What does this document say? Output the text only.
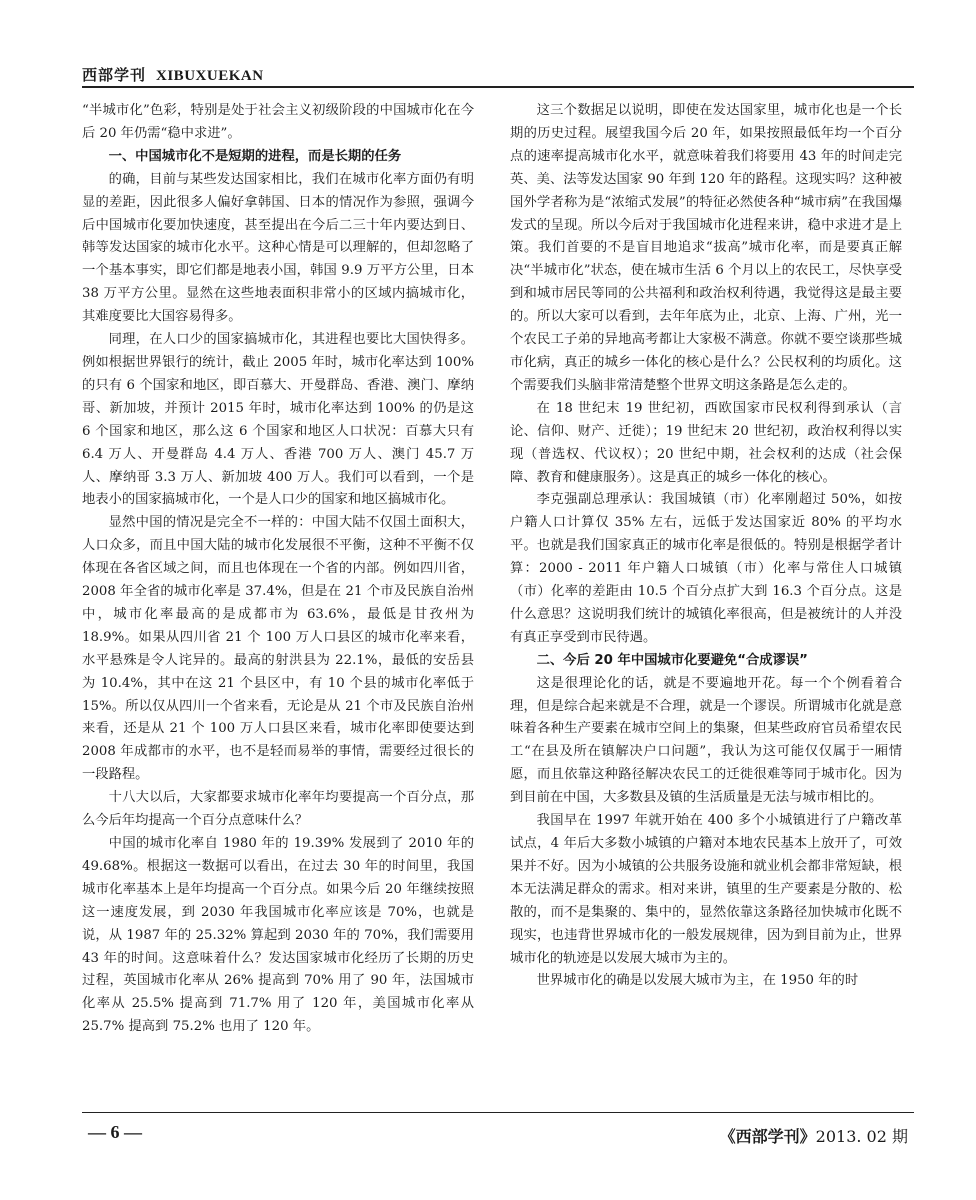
西部学刊 XIBUXUEKAN

“半城市化”色彩，特别是处于社会主义初级阶段的中国城市化在今后 20 年仍需“稳中求进”。

一、中国城市化不是短期的进程，而是长期的任务

的确，目前与某些发达国家相比，我们在城市化率方面仍有明显的差距，因此很多人偏好拿韩国、日本的情况作为参照，强调今后中国城市化要加快速度，甚至提出在今后二三十年内要达到日、韩等发达国家的城市化水平。这种心情是可以理解的，但却忽略了一个基本事实，即它们都是地表小国，韩国 9.9 万平方公里，日本 38 万平方公里。显然在这些地表面积非常小的区域内搞城市化，其难度要比大国容易得多。

同理，在人口少的国家搞城市化，其进程也要比大国快得多。例如根据世界银行的统计，截止 2005 年时，城市化率达到 100% 的只有 6 个国家和地区，即百慕大、开曼群岛、香港、澳门、摩纳哥、新加坡，并预计 2015 年时，城市化率达到 100% 的仍是这 6 个国家和地区，那么这 6 个国家和地区人口状况：百慕大只有 6.4 万人、开曼群岛 4.4 万人、香港 700 万人、澳门 45.7 万人、摩纳哥 3.3 万人、新加坡 400 万人。我们可以看到，一个是地表小的国家搞城市化，一个是人口少的国家和地区搞城市化。

显然中国的情况是完全不一样的：中国大陆不仅国土面积大，人口众多，而且中国大陆的城市化发展很不平衡，这种不平衡不仅体现在各省区域之间，而且也体现在一个省的内部。例如四川省，2008 年全省的城市化率是 37.4%，但是在 21 个市及民族自治州中，城市化率最高的是成都市为 63.6%，最低是甘孜州为 18.9%。如果从四川省 21 个 100 万人口县区的城市化率来看，水平悬殊是令人诧异的。最高的射洪县为 22.1%，最低的安岳县为 10.4%，其中在这 21 个县区中，有 10 个县的城市化率低于 15%。所以仅从四川一个省来看，无论是从 21 个市及民族自治州来看，还是从 21 个 100 万人口县区来看，城市化率即使要达到 2008 年成都市的水平，也不是轻而易举的事情，需要经过很长的一段路程。

十八大以后，大家都要求城市化率年均要提高一个百分点，那么今后年均提高一个百分点意味什么？

中国的城市化率自 1980 年的 19.39% 发展到了 2010 年的 49.68%。根据这一数据可以看出，在过去 30 年的时间里，我国城市化率基本上是年均提高一个百分点。如果今后 20 年继续按照这一速度发展，到 2030 年我国城市化率应该是 70%，也就是说，从 1987 年的 25.32% 算起到 2030 年的 70%，我们需要用 43 年的时间。这意味着什么？发达国家城市化经历了长期的历史过程，英国城市化率从 26% 提高到 70% 用了 90 年，法国城市化率从 25.5% 提高到 71.7% 用了 120 年，美国城市化率从 25.7% 提高到 75.2% 也用了 120 年。

这三个数据足以说明，即使在发达国家里，城市化也是一个长期的历史过程。展望我国今后 20 年，如果按照最低年均一个百分点的速率提高城市化水平，就意味着我们将要用 43 年的时间走完英、美、法等发达国家 90 年到 120 年的路程。这现实吗？这种被国外学者称为是“浓缩式发展”的特征必然使各种“城市病”在我国爆发式的呈现。所以今后对于我国城市化进程来讲，稳中求进才是上策。我们首要的不是盲目地追求“拔高”城市化率，而是要真正解决“半城市化”状态，使在城市生活 6 个月以上的农民工，尽快享受到和城市居民等同的公共福利和政治权利待遇，我觉得这是最主要的。所以大家可以看到，去年年底为止，北京、上海、广州，光一个农民工子弟的异地高考都让大家极不满意。你就不要空谈那些城市化病，真正的城乡一体化的核心是什么？公民权利的均质化。这个需要我们头脑非常清楚整个世界文明这条路是怎么走的。

在 18 世纪末 19 世纪初，西欧国家市民权利得到承认（言论、信仰、财产、迁徙）；19 世纪末 20 世纪初，政治权利得以实现（普选权、代议权）；20 世纪中期，社会权利的达成（社会保障、教育和健康服务）。这是真正的城乡一体化的核心。

李克强副总理承认：我国城镇（市）化率刚超过 50%，如按户籍人口计算仅 35% 左右，远低于发达国家近 80% 的平均水平。也就是我们国家真正的城市化率是很低的。特别是根据学者计算：2000 - 2011 年户籍人口城镇（市）化率与常住人口城镇（市）化率的差距由 10.5 个百分点扩大到 16.3 个百分点。这是什么意思？这说明我们统计的城镇化率很高，但是被统计的人并没有真正享受到市民待遇。

二、今后 20 年中国城市化要避免“合成谬误”

这是很理论化的话，就是不要遍地开花。每一个个例看着合理，但是综合起来就是不合理，就是一个谬误。所谓城市化就是意味着各种生产要素在城市空间上的集聚，但某些政府官员希望农民工“在县及所在镇解决户口问题”，我认为这可能仅仅属于一厢情愿，而且依靠这种路径解决农民工的迁徙很难等同于城市化。因为到目前在中国，大多数县及镇的生活质量是无法与城市相比的。

我国早在 1997 年就开始在 400 多个小城镇进行了户籍改革试点，4 年后大多数小城镇的户籍对本地农民基本上放开了，可效果并不好。因为小城镇的公共服务设施和就业机会都非常短缺，根本无法满足群众的需求。相对来讲，镇里的生产要素是分散的、松散的，而不是集聚的、集中的，显然依靠这条路径加快城市化既不现实，也违背世界城市化的一般发展规律，因为到目前为止，世界城市化的轨迹是以发展大城市为主的。

世界城市化的确是以发展大城市为主，在 1950 年的时

— 6 —	《西部学刊》2013. 02 期
